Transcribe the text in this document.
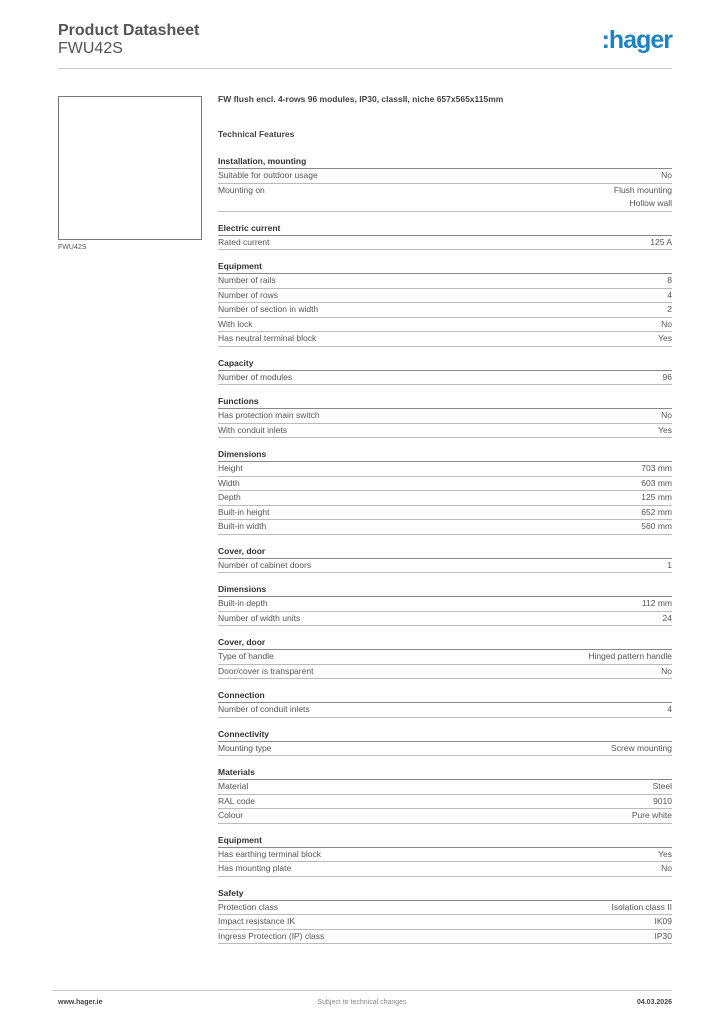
Product Datasheet
FWU42S	:hager
FWU42S
FW flush encl. 4-rows 96 modules, IP30, classII, niche 657x565x115mm
Technical Features
Installation, mounting
Suitable for outdoor usage	No
Mounting on	Flush mounting
Hollow wall
Electric current
Rated current	125 A
Equipment
Number of rails	8
Number of rows	4
Number of section in width	2
With lock	No
Has neutral terminal block	Yes
Capacity
Number of modules	96
Functions
Has protection main switch	No
With conduit inlets	Yes
Dimensions
Height	703 mm
Width	603 mm
Depth	125 mm
Built-in height	652 mm
Built-in width	560 mm
Cover, door
Number of cabinet doors	1
Dimensions
Built-in depth	112 mm
Number of width units	24
Cover, door
Type of handle	Hinged pattern handle
Door/cover is transparent	No
Connection
Number of conduit inlets	4
Connectivity
Mounting type	Screw mounting
Materials
Material	Steel
RAL code	9010
Colour	Pure white
Equipment
Has earthing terminal block	Yes
Has mounting plate	No
Safety
Protection class	Isolation class II
Impact resistance IK	IK09
Ingress Protection (IP) class	IP30
www.hager.ie	Subject to technical changes	04.03.2026
